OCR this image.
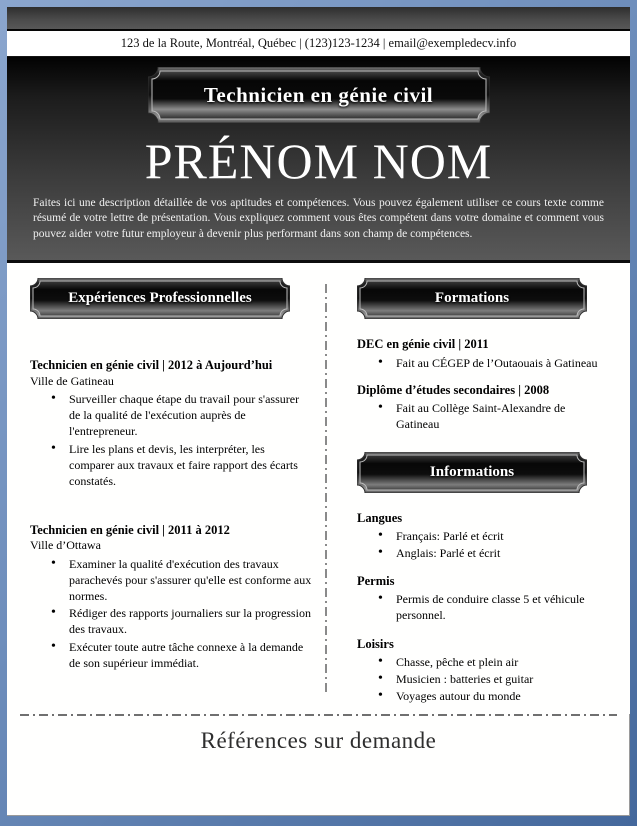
123 de la Route, Montréal, Québec | (123)123-1234 | email@exempledecv.info
Technicien en génie civil
PRÉNOM NOM

Faites ici une description détaillée de vos aptitudes et compétences. Vous pouvez également utiliser ce cours texte comme résumé de votre lettre de présentation. Vous expliquez comment vous êtes compétent dans votre domaine et comment vous pouvez aider votre futur employeur à devenir plus performant dans son champ de compétences.

Expériences Professionnelles
Technicien en génie civil | 2012 à Aujourd’hui
Ville de Gatineau
• Surveiller chaque étape du travail pour s'assurer de la qualité de l'exécution auprès de l'entrepreneur.
• Lire les plans et devis, les interpréter, les comparer aux travaux et faire rapport des écarts constatés.
Technicien en génie civil | 2011 à 2012
Ville d’Ottawa
• Examiner la qualité d'exécution des travaux parachevés pour s'assurer qu'elle est conforme aux normes.
• Rédiger des rapports journaliers sur la progression des travaux.
• Exécuter toute autre tâche connexe à la demande de son supérieur immédiat.
Formations
DEC en génie civil | 2011
• Fait au CÉGEP de l’Outaouais à Gatineau
Diplôme d’études secondaires | 2008
• Fait au Collège Saint-Alexandre de Gatineau
Informations
Langues
• Français: Parlé et écrit
• Anglais: Parlé et écrit
Permis
• Permis de conduire classe 5 et véhicule personnel.
Loisirs
• Chasse, pêche et plein air
• Musicien : batteries et guitar
• Voyages autour du monde
Références sur demande
